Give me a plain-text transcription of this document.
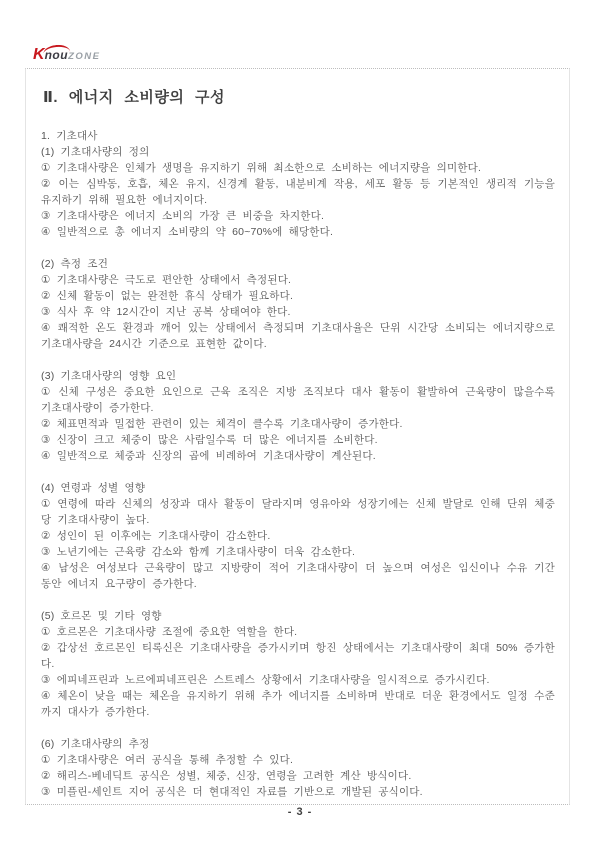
KnouZONE
Ⅱ. 에너지 소비량의 구성

1. 기초대사

(1) 기초대사량의 정의

① 기초대사량은 인체가 생명을 유지하기 위해 최소한으로 소비하는 에너지량을 의미한다.

② 이는 심박동, 호흡, 체온 유지, 신경계 활동, 내분비계 작용, 세포 활동 등 기본적인 생리적 기능을 유지하기 위해 필요한 에너지이다.

③ 기초대사량은 에너지 소비의 가장 큰 비중을 차지한다.

④ 일반적으로 총 에너지 소비량의 약 60~70%에 해당한다.

(2) 측정 조건

① 기초대사량은 극도로 편안한 상태에서 측정된다.

② 신체 활동이 없는 완전한 휴식 상태가 필요하다.

③ 식사 후 약 12시간이 지난 공복 상태여야 한다.

④ 쾌적한 온도 환경과 깨어 있는 상태에서 측정되며 기초대사율은 단위 시간당 소비되는 에너지량으로 기초대사량을 24시간 기준으로 표현한 값이다.

(3) 기초대사량의 영향 요인

① 신체 구성은 중요한 요인으로 근육 조직은 지방 조직보다 대사 활동이 활발하여 근육량이 많을수록 기초대사량이 증가한다.

② 체표면적과 밀접한 관련이 있는 체격이 클수록 기초대사량이 증가한다.

③ 신장이 크고 체중이 많은 사람일수록 더 많은 에너지를 소비한다.

④ 일반적으로 체중과 신장의 곱에 비례하여 기초대사량이 계산된다.

(4) 연령과 성별 영향

① 연령에 따라 신체의 성장과 대사 활동이 달라지며 영유아와 성장기에는 신체 발달로 인해 단위 체중당 기초대사량이 높다.

② 성인이 된 이후에는 기초대사량이 감소한다.

③ 노년기에는 근육량 감소와 함께 기초대사량이 더욱 감소한다.

④ 남성은 여성보다 근육량이 많고 지방량이 적어 기초대사량이 더 높으며 여성은 임신이나 수유 기간 동안 에너지 요구량이 증가한다.

(5) 호르몬 및 기타 영향

① 호르몬은 기초대사량 조절에 중요한 역할을 한다.

② 갑상선 호르몬인 티록신은 기초대사량을 증가시키며 항진 상태에서는 기초대사량이 최대 50% 증가한다.

③ 에피네프린과 노르에피네프린은 스트레스 상황에서 기초대사량을 일시적으로 증가시킨다.

④ 체온이 낮을 때는 체온을 유지하기 위해 추가 에너지를 소비하며 반대로 더운 환경에서도 일정 수준까지 대사가 증가한다.

(6) 기초대사량의 추정

① 기초대사량은 여러 공식을 통해 추정할 수 있다.

② 해리스-베네딕트 공식은 성별, 체중, 신장, 연령을 고려한 계산 방식이다.

③ 미플린-세인트 지어 공식은 더 현대적인 자료를 기반으로 개발된 공식이다.

- 3 -
